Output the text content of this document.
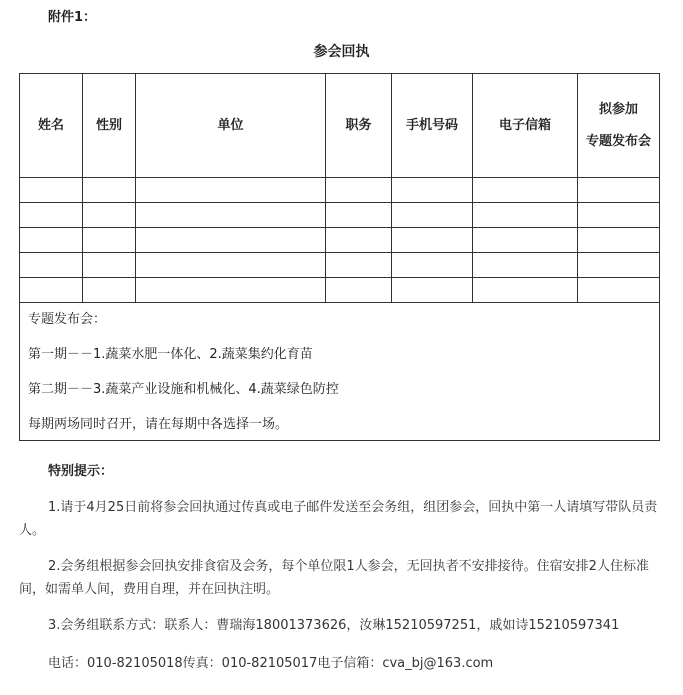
附件1：
参会回执
姓名	性别	单位	职务	手机号码	电子信箱	拟参加
专题发布会

专题发布会：

第一期－－1.蔬菜水肥一体化、2.蔬菜集约化育苗

第二期－－3.蔬菜产业设施和机械化、4.蔬菜绿色防控

每期两场同时召开，请在每期中各选择一场。						

特别提示：

1.请于4月25日前将参会回执通过传真或电子邮件发送至会务组，组团参会，回执中第一人请填写带队员责人。

2.会务组根据参会回执安排食宿及会务，每个单位限1人参会，无回执者不安排接待。住宿安排2人住标准间，如需单人间，费用自理，并在回执注明。

3.会务组联系方式：联系人：曹瑞海18001373626，汝琳15210597251，戚如诗15210597341

电话：010-82105018传真：010-82105017电子信箱：cva_bj@163.com
